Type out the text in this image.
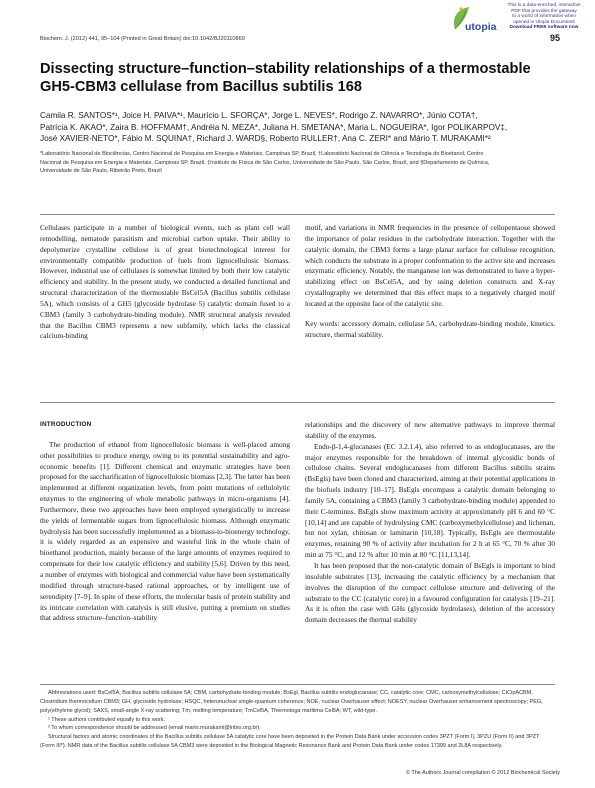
Biochem. J. (2012) 441, 95–104 (Printed in Great Britain) doi:10.1042/BJ20110869	95
utopia
This is a data-enriched, interactive
PDF that provides the gateway
to a world of information when
opened in Utopia Documents
Download FREE software now
Dissecting structure–function–stability relationships of a thermostable GH5-CBM3 cellulase from Bacillus subtilis 168
Camila R. SANTOS*¹, Joice H. PAIVA*¹, Maurício L. SFORÇA*, Jorge L. NEVES*, Rodrigo Z. NAVARRO*, Júnio COTA†,
Patrícia K. AKAO*, Zaira B. HOFFMAM†, Andréia N. MEZA*, Juliana H. SMETANA*, Maria L. NOGUEIRA*, Igor POLIKARPOV‡,
José XAVIER-NETO*, Fábio M. SQUINA†, Richard J. WARD§, Roberto RULLER†, Ana C. ZERI* and Mário T. MURAKAMI*²
*Laboratório Nacional de Biociências, Centro Nacional de Pesquisa em Energia e Materiais, Campinas SP, Brazil, †Laboratório Nacional de Ciência e Tecnologia do Bioetanol, Centro
Nacional de Pesquisa em Energia e Materiais, Campinas SP, Brazil, ‡Instituto de Física de São Carlos, Universidade de São Paulo, São Carlos, Brazil, and §Departamento de Química,
Universidade de São Paulo, Ribeirão Preto, Brazil

Cellulases participate in a number of biological events, such as plant cell wall remodelling, nematode parasitism and microbial carbon uptake. Their ability to depolymerize crystalline cellulose is of great biotechnological interest for environmentally compatible production of fuels from lignocellulosic biomass. However, industrial use of cellulases is somewhat limited by both their low catalytic efficiency and stability. In the present study, we conducted a detailed functional and structural characterization of the thermostable BsCel5A (Bacillus subtilis cellulase 5A), which consists of a GH5 (glycoside hydrolase 5) catalytic domain fused to a CBM3 (family 3 carbohydrate-binding module). NMR structural analysis revealed that the Bacillus CBM3 represents a new subfamily, which lacks the classical calcium-binding

motif, and variations in NMR frequencies in the presence of cellopentaose showed the importance of polar residues in the carbohydrate interaction. Together with the catalytic domain, the CBM3 forms a large planar surface for cellulose recognition, which conducts the substrate in a proper conformation to the active site and increases enzymatic efficiency. Notably, the manganese ion was demonstrated to have a hyper-stabilizing effect on BsCel5A, and by using deletion constructs and X-ray crystallography we determined that this effect maps to a negatively charged motif located at the opposite face of the catalytic site.

Key words: accessory domain, cellulase 5A, carbohydrate-binding module, kinetics, structure, thermal stability.

INTRODUCTION

The production of ethanol from lignocellulosic biomass is well-placed among other possibilities to produce energy, owing to its potential sustainability and agro-economic benefits [1]. Different chemical and enzymatic strategies have been proposed for the saccharification of lignocellulosic biomass [2,3]. The latter has been implemented at different organization levels, from point mutations of cellulolytic enzymes to the engineering of whole metabolic pathways in micro-organisms [4]. Furthermore, these two approaches have been employed synergistically to increase the yields of fermentable sugars from lignocellulosic biomass. Although enzymatic hydrolysis has been successfully implemented as a biomass-to-bioenergy technology, it is widely regarded as an expensive and wasteful link in the whole chain of bioethanol production, mainly because of the large amounts of enzymes required to compensate for their low catalytic efficiency and stability [5,6]. Driven by this need, a number of enzymes with biological and commercial value have been systematically modified through structure-based rational approaches, or by intelligent use of serendipity [7–9]. In spite of these efforts, the molecular basis of protein stability and its intricate correlation with catalysis is still elusive, putting a premium on studies that address structure–function–stability

relationships and the discovery of new alternative pathways to improve thermal stability of the enzymes.

Endo-β-1,4-glucanases (EC 3.2.1.4), also referred to as endoglucanases, are the major enzymes responsible for the breakdown of internal glycosidic bonds of cellulose chains. Several endoglucanases from different Bacillus subtilis strains (BsEgls) have been cloned and characterized, aiming at their potential applications in the biofuels industry [10–17]. BsEgls encompass a catalytic domain belonging to family 5A, containing a CBM3 (family 3 carbohydrate-binding module) appended to their C-terminus. BsEgls show maximum activity at approximately pH 6 and 60 °C [10,14] and are capable of hydrolysing CMC (carboxymethylcellulose) and lichenan, but not xylan, chitosan or laminarin [10,18]. Typically, BsEgls are thermostable enzymes, retaining 90 % of activity after incubation for 2 h at 65 °C, 70 % after 30 min at 75 °C, and 12 % after 10 min at 80 °C [11,13,14].

It has been proposed that the non-catalytic domain of BsEgls is important to bind insoluble substrates [13], increasing the catalytic efficiency by a mechanism that involves the disruption of the compact cellulose structure and delivering of the substrate to the CC (catalytic core) in a favoured configuration for catalysis [19–21]. As it is often the case with GHs (glycoside hydrolases), deletion of the accessory domain decreases the thermal stability

Abbreviations used: BsCel5A, Bacillus subtilis cellulase 5A; CBM, carbohydrate-binding module; BsEgl, Bacillus subtilis endoglucanase; CC, catalytic core; CMC, carboxymethylcellulose; CtCipACBM, Clostridium thermocellum CBM3; GH, glycoside hydrolase; HSQC, heteronuclear single-quantum coherence; NOE, nuclear Overhauser effect; NOESY, nuclear Overhauser enhancement spectroscopy; PEG, poly(ethylene glycol); SAXS, small-angle X-ray scattering; Tm, melting temperature; TmCel5A, Thermotoga maritima Cel5A; WT, wild-type.

¹ These authors contributed equally to this work.

² To whom correspondence should be addressed (email mario.murakami@lnbio.org.br).

Structural factors and atomic coordinates of the Bacillus subtilis cellulase 5A catalytic core have been deposited in the Protein Data Bank under accession codes 3PZT (Form I), 3PZU (Form II) and 3PZT (Form III*). NMR data of the Bacillus subtilis cellulase 5A CBM3 were deposited in the Biological Magnetic Resonance Bank and Protein Data Bank under codes 17399 and 2L8A respectively.

© The Authors Journal compilation © 2012 Biochemical Society
